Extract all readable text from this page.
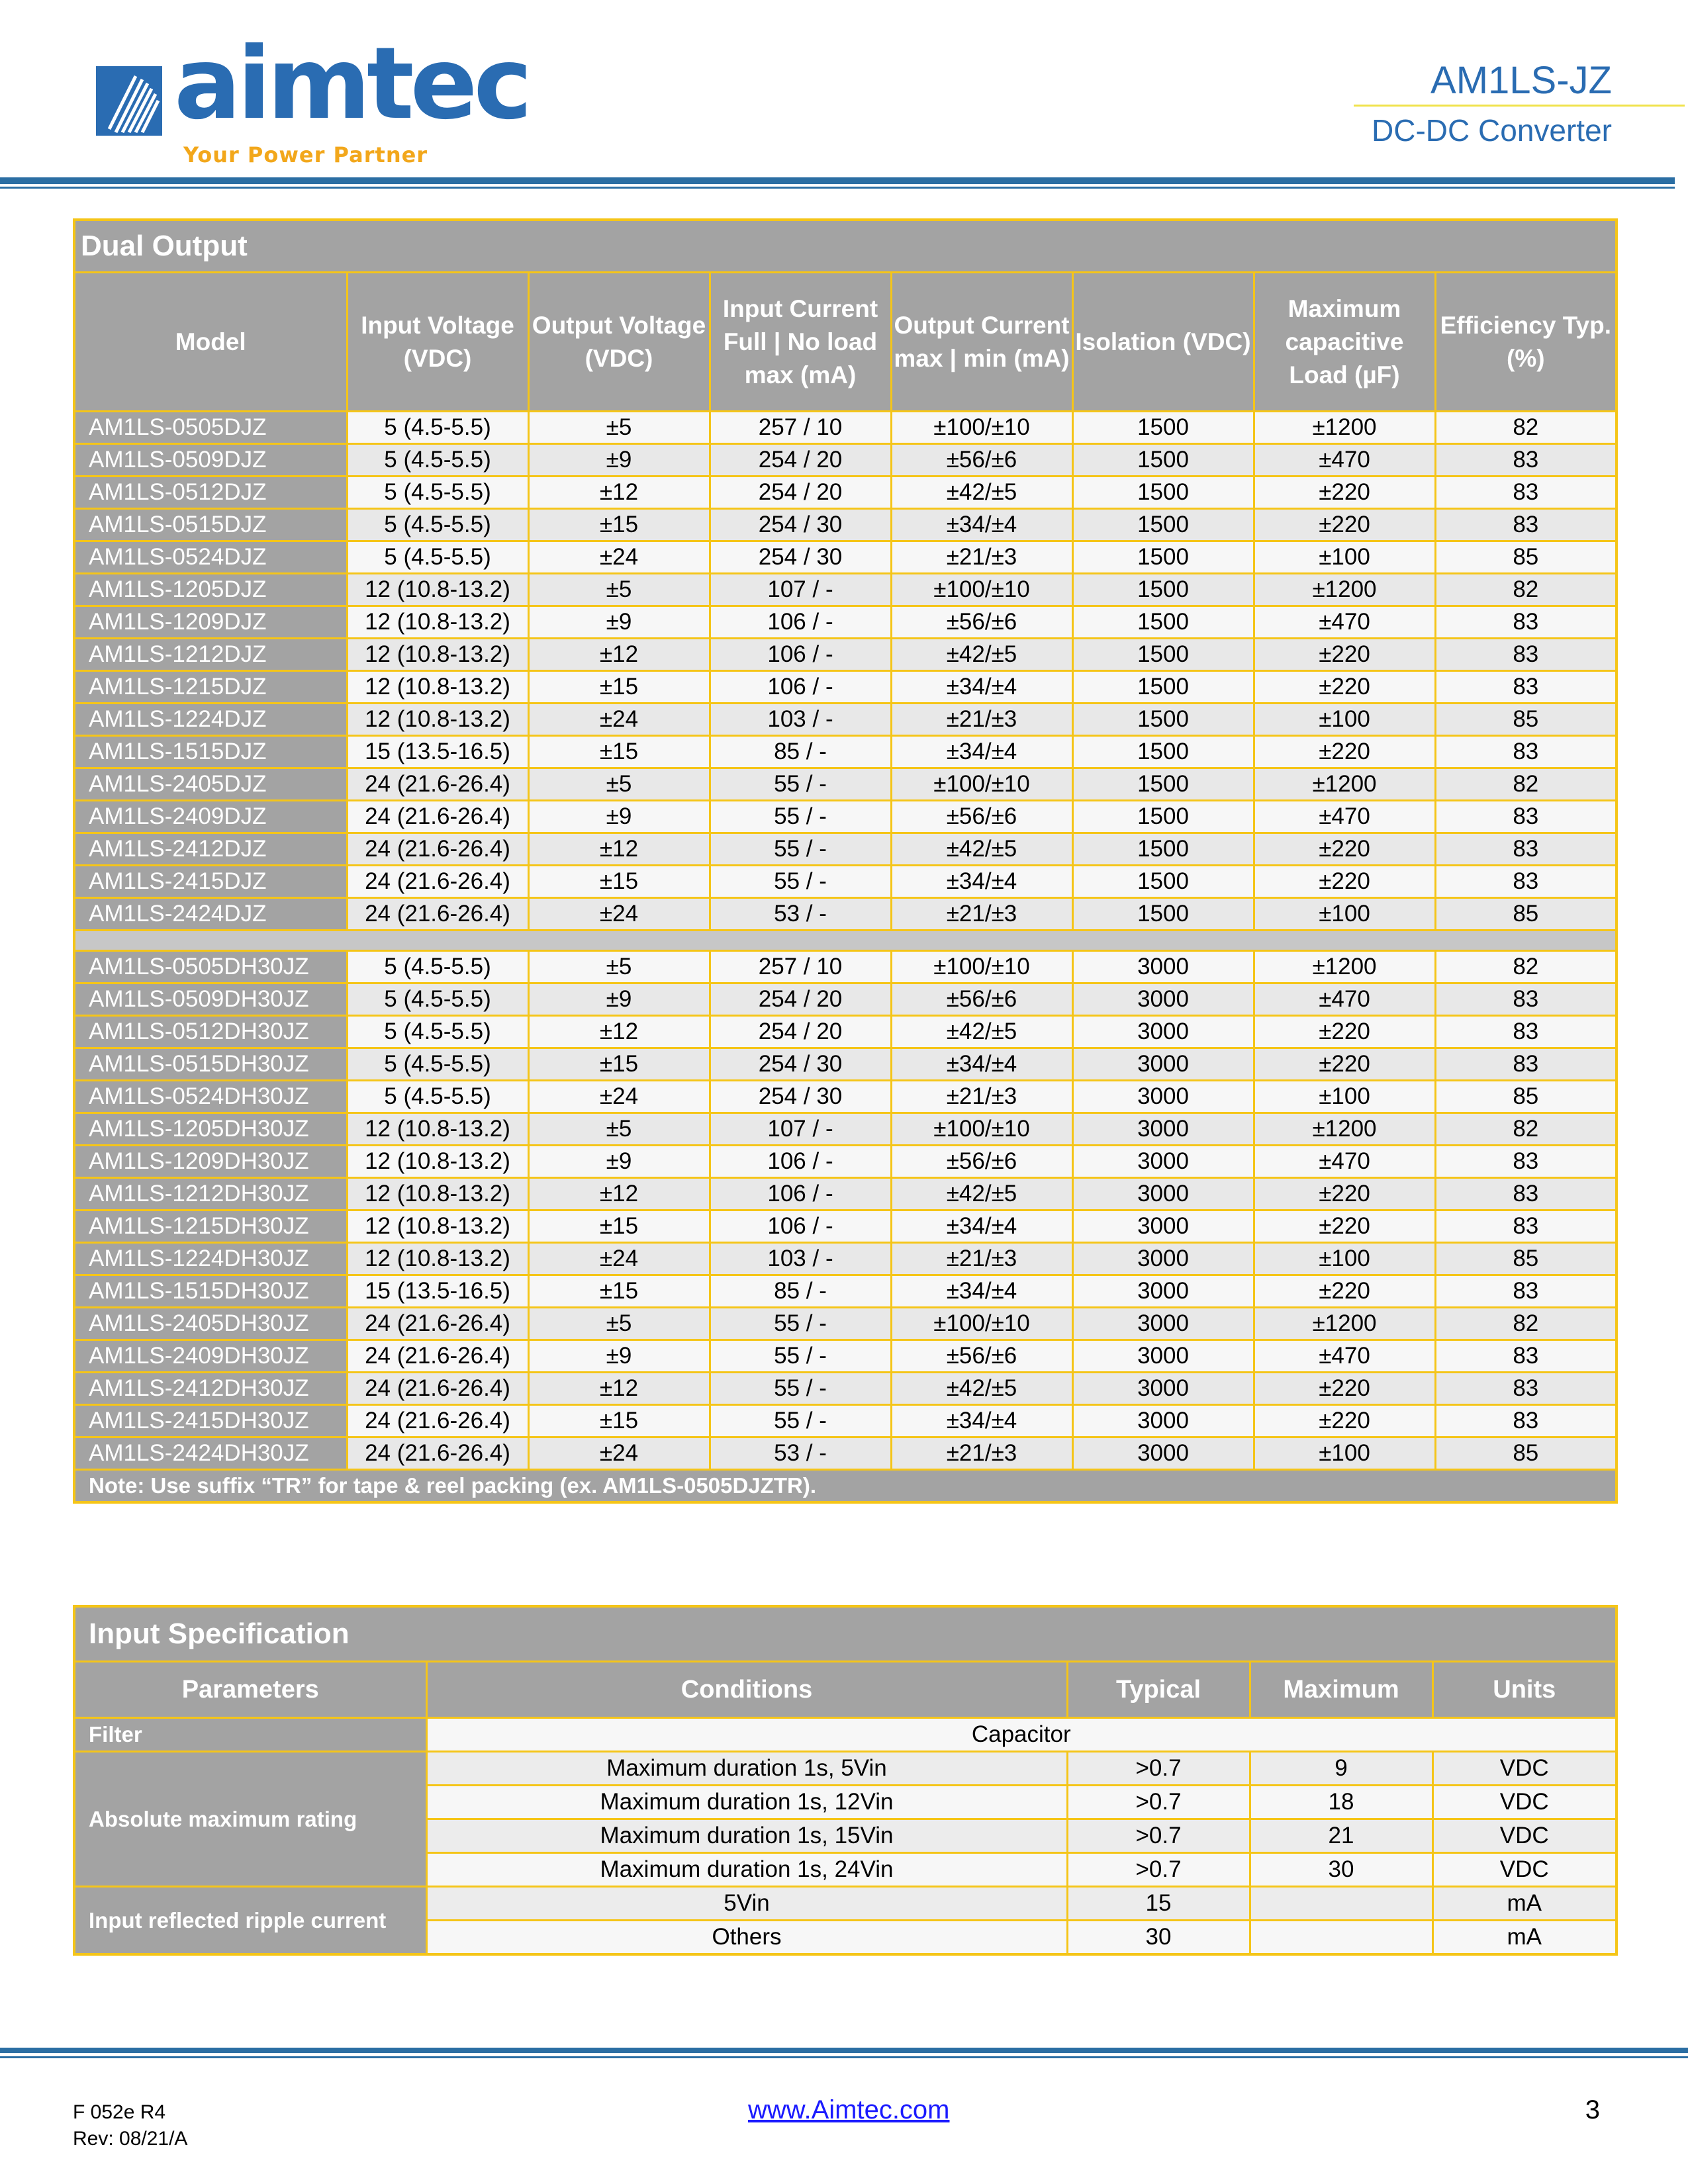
aimtec
Your Power Partner
AM1LS-JZ
DC-DC Converter
Dual Output							
Model	Input Voltage (VDC)	Output Voltage (VDC)	Input Current Full | No load max (mA)	Output Current max | min (mA)	Isolation (VDC)	Maximum capacitive Load (µF)	Efficiency Typ. (%)
AM1LS-0505DJZ	5 (4.5-5.5)	±5	257 / 10	±100/±10	1500	±1200	82
AM1LS-0509DJZ	5 (4.5-5.5)	±9	254 / 20	±56/±6	1500	±470	83
AM1LS-0512DJZ	5 (4.5-5.5)	±12	254 / 20	±42/±5	1500	±220	83
AM1LS-0515DJZ	5 (4.5-5.5)	±15	254 / 30	±34/±4	1500	±220	83
AM1LS-0524DJZ	5 (4.5-5.5)	±24	254 / 30	±21/±3	1500	±100	85
AM1LS-1205DJZ	12 (10.8-13.2)	±5	107 / -	±100/±10	1500	±1200	82
AM1LS-1209DJZ	12 (10.8-13.2)	±9	106 / -	±56/±6	1500	±470	83
AM1LS-1212DJZ	12 (10.8-13.2)	±12	106 / -	±42/±5	1500	±220	83
AM1LS-1215DJZ	12 (10.8-13.2)	±15	106 / -	±34/±4	1500	±220	83
AM1LS-1224DJZ	12 (10.8-13.2)	±24	103 / -	±21/±3	1500	±100	85
AM1LS-1515DJZ	15 (13.5-16.5)	±15	85 / -	±34/±4	1500	±220	83
AM1LS-2405DJZ	24 (21.6-26.4)	±5	55 / -	±100/±10	1500	±1200	82
AM1LS-2409DJZ	24 (21.6-26.4)	±9	55 / -	±56/±6	1500	±470	83
AM1LS-2412DJZ	24 (21.6-26.4)	±12	55 / -	±42/±5	1500	±220	83
AM1LS-2415DJZ	24 (21.6-26.4)	±15	55 / -	±34/±4	1500	±220	83
AM1LS-2424DJZ	24 (21.6-26.4)	±24	53 / -	±21/±3	1500	±100	85

AM1LS-0505DH30JZ	5 (4.5-5.5)	±5	257 / 10	±100/±10	3000	±1200	82
AM1LS-0509DH30JZ	5 (4.5-5.5)	±9	254 / 20	±56/±6	3000	±470	83
AM1LS-0512DH30JZ	5 (4.5-5.5)	±12	254 / 20	±42/±5	3000	±220	83
AM1LS-0515DH30JZ	5 (4.5-5.5)	±15	254 / 30	±34/±4	3000	±220	83
AM1LS-0524DH30JZ	5 (4.5-5.5)	±24	254 / 30	±21/±3	3000	±100	85
AM1LS-1205DH30JZ	12 (10.8-13.2)	±5	107 / -	±100/±10	3000	±1200	82
AM1LS-1209DH30JZ	12 (10.8-13.2)	±9	106 / -	±56/±6	3000	±470	83
AM1LS-1212DH30JZ	12 (10.8-13.2)	±12	106 / -	±42/±5	3000	±220	83
AM1LS-1215DH30JZ	12 (10.8-13.2)	±15	106 / -	±34/±4	3000	±220	83
AM1LS-1224DH30JZ	12 (10.8-13.2)	±24	103 / -	±21/±3	3000	±100	85
AM1LS-1515DH30JZ	15 (13.5-16.5)	±15	85 / -	±34/±4	3000	±220	83
AM1LS-2405DH30JZ	24 (21.6-26.4)	±5	55 / -	±100/±10	3000	±1200	82
AM1LS-2409DH30JZ	24 (21.6-26.4)	±9	55 / -	±56/±6	3000	±470	83
AM1LS-2412DH30JZ	24 (21.6-26.4)	±12	55 / -	±42/±5	3000	±220	83
AM1LS-2415DH30JZ	24 (21.6-26.4)	±15	55 / -	±34/±4	3000	±220	83
AM1LS-2424DH30JZ	24 (21.6-26.4)	±24	53 / -	±21/±3	3000	±100	85
Note: Use suffix “TR” for tape & reel packing (ex. AM1LS-0505DJZTR).							
Input Specification				
Parameters	Conditions	Typical	Maximum	Units
Filter	Capacitor			
Absolute maximum rating	Maximum duration 1s, 5Vin	>0.7	9	VDC
	Maximum duration 1s, 12Vin	>0.7	18	VDC
	Maximum duration 1s, 15Vin	>0.7	21	VDC
	Maximum duration 1s, 24Vin	>0.7	30	VDC
Input reflected ripple current	5Vin	15		mA
	Others	30		mA
F 052e R4
Rev: 08/21/A
www.Aimtec.com	3
